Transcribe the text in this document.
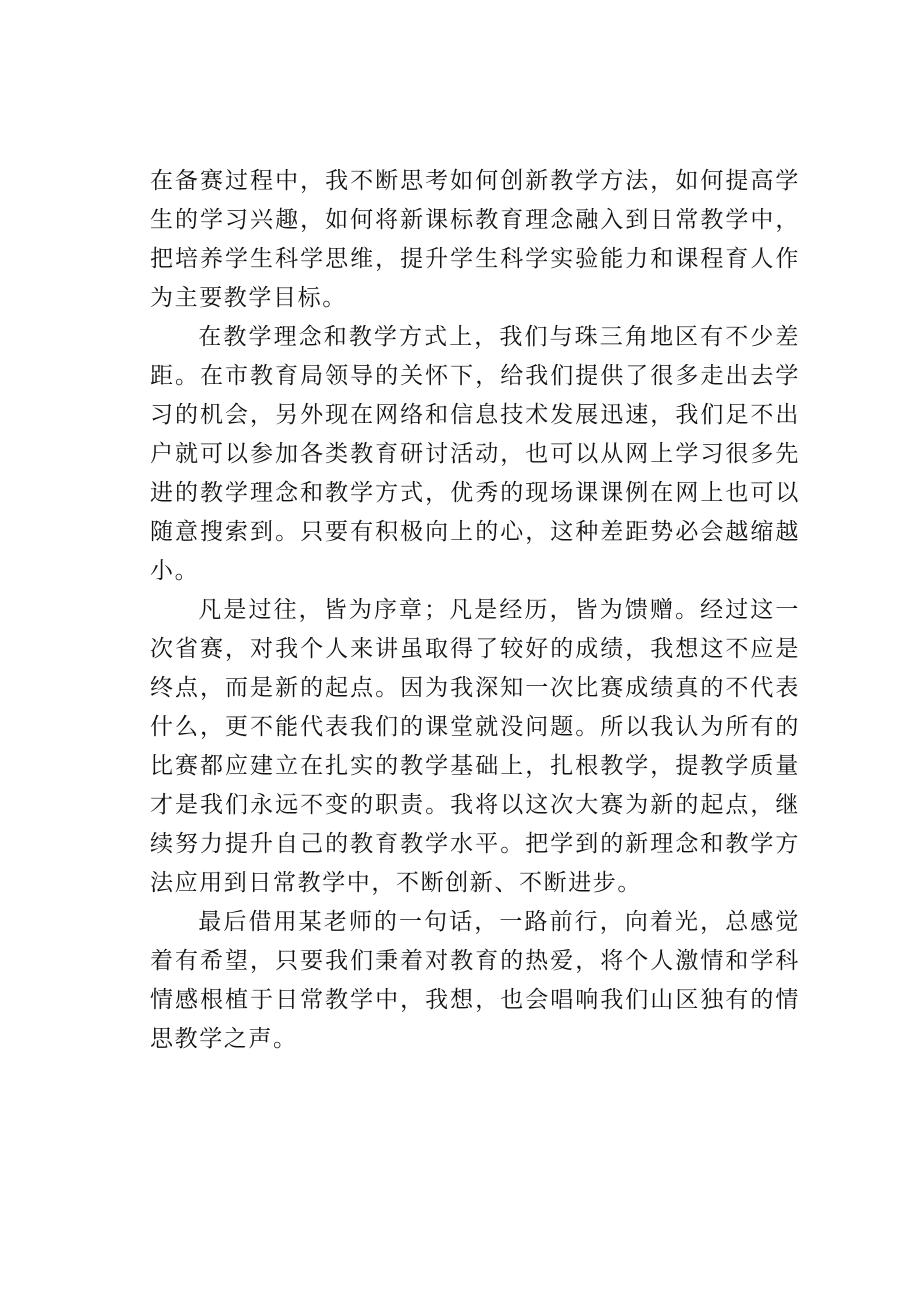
在备赛过程中，我不断思考如何创新教学方法，如何提高学生的学习兴趣，如何将新课标教育理念融入到日常教学中，把培养学生科学思维，提升学生科学实验能力和课程育人作为主要教学目标。

在教学理念和教学方式上，我们与珠三角地区有不少差距。在市教育局领导的关怀下，给我们提供了很多走出去学习的机会，另外现在网络和信息技术发展迅速，我们足不出户就可以参加各类教育研讨活动，也可以从网上学习很多先进的教学理念和教学方式，优秀的现场课课例在网上也可以随意搜索到。只要有积极向上的心，这种差距势必会越缩越小。

凡是过往，皆为序章；凡是经历，皆为馈赠。经过这一次省赛，对我个人来讲虽取得了较好的成绩，我想这不应是终点，而是新的起点。因为我深知一次比赛成绩真的不代表什么，更不能代表我们的课堂就没问题。所以我认为所有的比赛都应建立在扎实的教学基础上，扎根教学，提教学质量才是我们永远不变的职责。我将以这次大赛为新的起点，继续努力提升自己的教育教学水平。把学到的新理念和教学方法应用到日常教学中，不断创新、不断进步。

最后借用某老师的一句话，一路前行，向着光，总感觉着有希望，只要我们秉着对教育的热爱，将个人激情和学科情感根植于日常教学中，我想，也会唱响我们山区独有的情思教学之声。
